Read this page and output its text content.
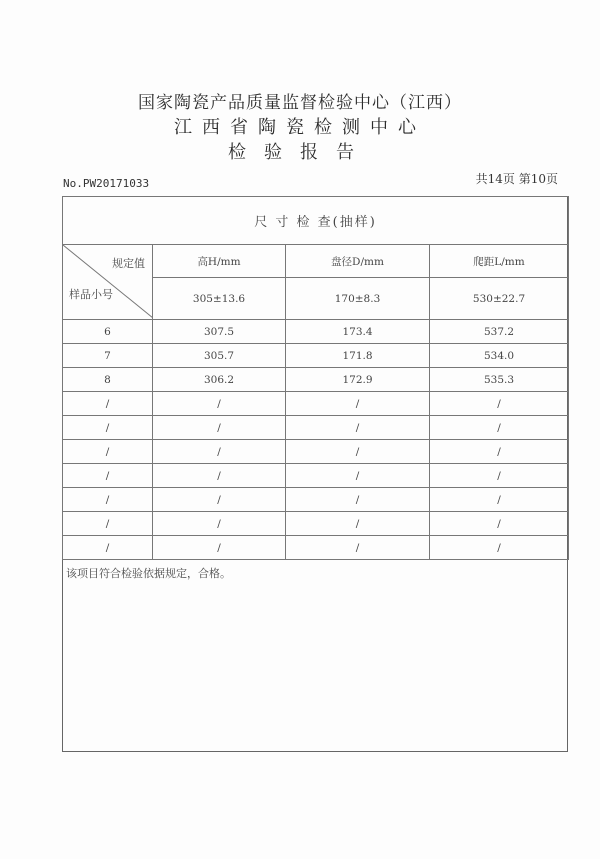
国家陶瓷产品质量监督检验中心（江西）
江西省陶瓷检测中心
检验报告
No.PW20171033	共14页 第10页
尺 寸 检 查(抽样)			

规定值
样品小号	高H/mm	盘径D/mm	爬距L/mm
	305±13.6	170±8.3	530±22.7
6	307.5	173.4	537.2
7	305.7	171.8	534.0
8	306.2	172.9	535.3
/	/	/	/
/	/	/	/
/	/	/	/
/	/	/	/
/	/	/	/
/	/	/	/
/	/	/	/
该项目符合检验依据规定，合格。
